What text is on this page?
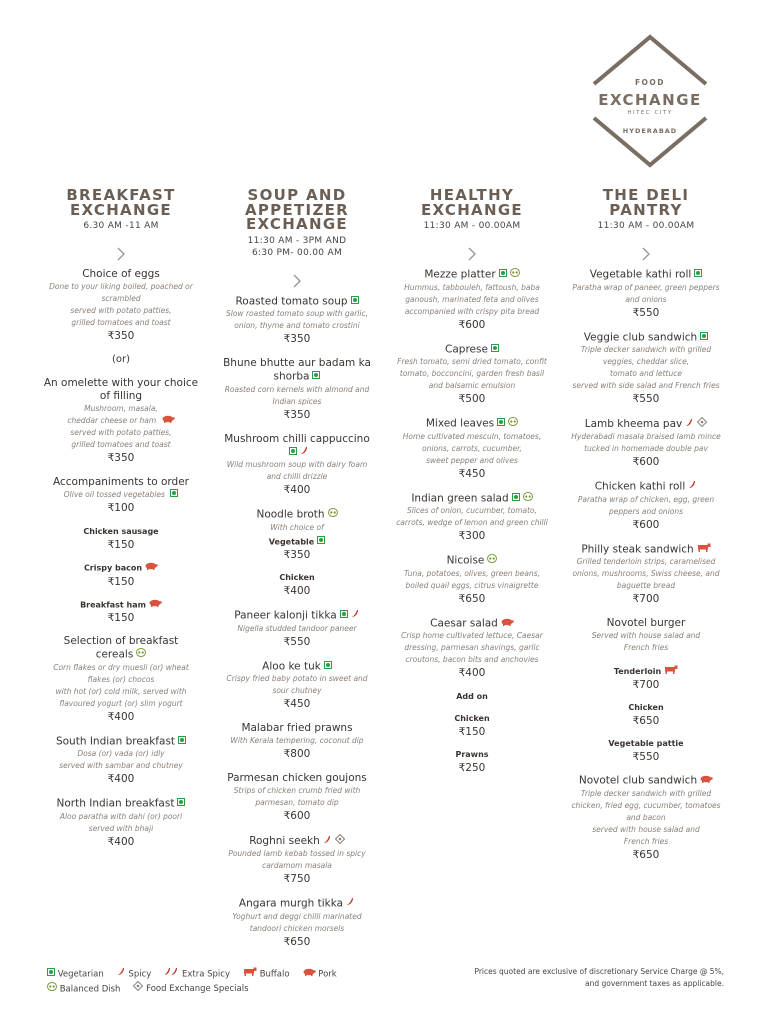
FOOD
EXCHANGE
HITEC CITY
HYDERABAD
BREAKFAST
EXCHANGE
6.30 AM -11 AM
Choice of eggs
Done to your liking boiled, poached or
scrambled
served with potato patties,
grilled tomatoes and toast
₹350
(or)
An omelette with your choice
of filling
Mushroom, masala,
cheddar cheese or ham
served with potato patties,
grilled tomatoes and toast
₹350
Accompaniments to order
Olive oil tossed vegetables
₹100
Chicken sausage
₹150
Crispy bacon
₹150
Breakfast ham
₹150
Selection of breakfast
cereals
Corn flakes or dry muesli (or) wheat
flakes (or) chocos
with hot (or) cold milk, served with
flavoured yogurt (or) slim yogurt
₹400
South Indian breakfast
Dosa (or) vada (or) idly
served with sambar and chutney
₹400
North Indian breakfast
Aloo paratha with dahi (or) poori
served with bhaji
₹400
SOUP AND
APPETIZER
EXCHANGE
11:30 AM - 3PM AND
6:30 PM- 00.00 AM
Roasted tomato soup
Slow roasted tomato soup with garlic,
onion, thyme and tomato crostini
₹350
Bhune bhutte aur badam ka
shorba
Roasted corn kernels with almond and
Indian spices
₹350
Mushroom chilli cappuccino

Wild mushroom soup with dairy foam
and chilli drizzle
₹400
Noodle broth
With choice of
Vegetable
₹350
Chicken
₹400
Paneer kalonji tikka
Nigella studded tandoor paneer
₹550
Aloo ke tuk
Crispy fried baby potato in sweet and
sour chutney
₹450
Malabar fried prawns
With Kerala tempering, coconut dip
₹800
Parmesan chicken goujons
Strips of chicken crumb fried with
parmesan, tomato dip
₹600
Roghni seekh
Pounded lamb kebab tossed in spicy
cardamom masala
₹750
Angara murgh tikka
Yoghurt and deggi chilli marinated
tandoori chicken morsels
₹650
HEALTHY
EXCHANGE
11:30 AM - 00.00AM
Mezze platter
Hummus, tabbouleh, fattoush, baba
ganoush, marinated feta and olives
accompanied with crispy pita bread
₹600
Caprese
Fresh tomato, semi dried tomato, confit
tomato, bocconcini, garden fresh basil
and balsamic emulsion
₹500
Mixed leaves
Home cultivated mesculn, tomatoes,
onions, carrots, cucumber,
sweet pepper and olives
₹450
Indian green salad
Slices of onion, cucumber, tomato,
carrots, wedge of lemon and green chilli
₹300
Nicoise
Tuna, potatoes, olives, green beans,
boiled quail eggs, citrus vinaigrette
₹650
Caesar salad
Crisp home cultivated lettuce, Caesar
dressing, parmesan shavings, garlic
croutons, bacon bits and anchovies
₹400
Add on
Chicken
₹150
Prawns
₹250
THE DELI
PANTRY
11:30 AM - 00.00AM
Vegetable kathi roll
Paratha wrap of paneer, green peppers
and onions
₹550
Veggie club sandwich
Triple decker sandwich with grilled
veggies, cheddar slice,
tomato and lettuce
served with side salad and French fries
₹550
Lamb kheema pav
Hyderabadi masala braised lamb mince
tucked in homemade double pav
₹600
Chicken kathi roll
Paratha wrap of chicken, egg, green
peppers and onions
₹600
Philly steak sandwich
Grilled tenderloin strips, caramelised
onions, mushrooms, Swiss cheese, and
baguette bread
₹700
Novotel burger
Served with house salad and
French fries
Tenderloin
₹700
Chicken
₹650
Vegetable pattie
₹550
Novotel club sandwich
Triple decker sandwich with grilled
chicken, fried egg, cucumber, tomatoes
and bacon
served with house salad and
French fries
₹650
Vegetarian	Spicy	Extra Spicy	Buffalo	Pork
Balanced Dish	Food Exchange Specials
Prices quoted are exclusive of discretionary Service Charge @ 5%,
and government taxes as applicable.
